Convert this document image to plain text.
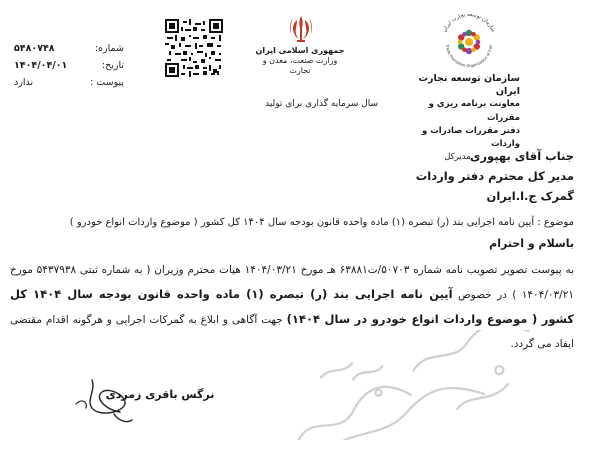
شماره:
۵۴۸۰۷۴۸
تاریخ:
۱۴۰۴/۰۴/۰۱
پیوست :
ندارد
جمهوری اسلامی ایران
وزارت صنعت، معدن و تجارت
سال سرمایه گذاری برای تولید
سازمان توسعه تجارت ایران
Trade Promotion Organization of Iran
سازمان توسعه تجارت ایران
معاونت برنامه ریزی و مقررات
دفتر مقررات صادرات و واردات
مدیرکل جناب آقای بهپوری
مدیر کل محترم دفتر واردات
گمرک ج.ا.ایران
موضوع : آیین نامه اجرایی بند (ر) تبصره (۱) ماده واحده قانون بودجه سال ۱۴۰۴ کل کشور ( موضوع واردات انواع خودرو )
باسلام و احترام
به پیوست تصویر تصویب نامه شماره ۵۰۷۰۳/ت۶۳۸۸۱ هـ مورخ ۱۴۰۴/۰۳/۲۱ هیات محترم وزیران ( به شماره ثبتی ۵۴۳۷۹۳۸ مورخ ۱۴۰۴/۰۳/۲۱ ) در خصوص آیین نامه اجرایی بند (ر) تبصره (۱) ماده واحده قانون بودجه سال ۱۴۰۴ کل کشور ( موضوع واردات انواع خودرو در سال ۱۴۰۴) جهت آگاهی و ابلاغ به گمرکات اجرایی و هرگونه اقدام مقتضی ایفاد می گردد.
نرگس باقری زمردی
